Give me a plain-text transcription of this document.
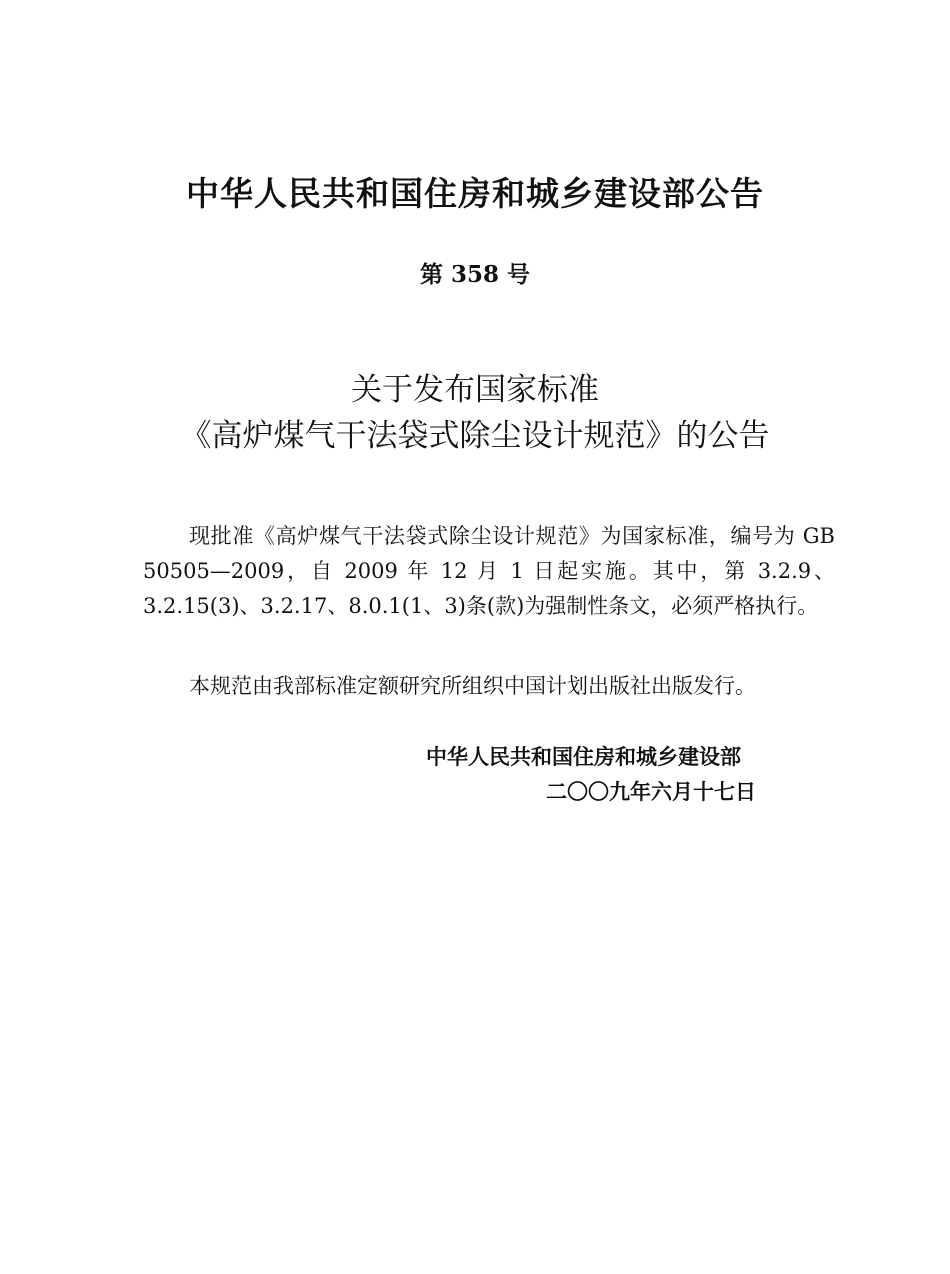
中华人民共和国住房和城乡建设部公告
第 358 号
关于发布国家标准
《高炉煤气干法袋式除尘设计规范》的公告

现批准《高炉煤气干法袋式除尘设计规范》为国家标准，编号为 GB 50505—2009，自 2009 年 12 月 1 日起实施。其中，第 3.2.9、3.2.15(3)、3.2.17、8.0.1(1、3)条(款)为强制性条文，必须严格执行。

本规范由我部标准定额研究所组织中国计划出版社出版发行。

中华人民共和国住房和城乡建设部
二〇〇九年六月十七日
